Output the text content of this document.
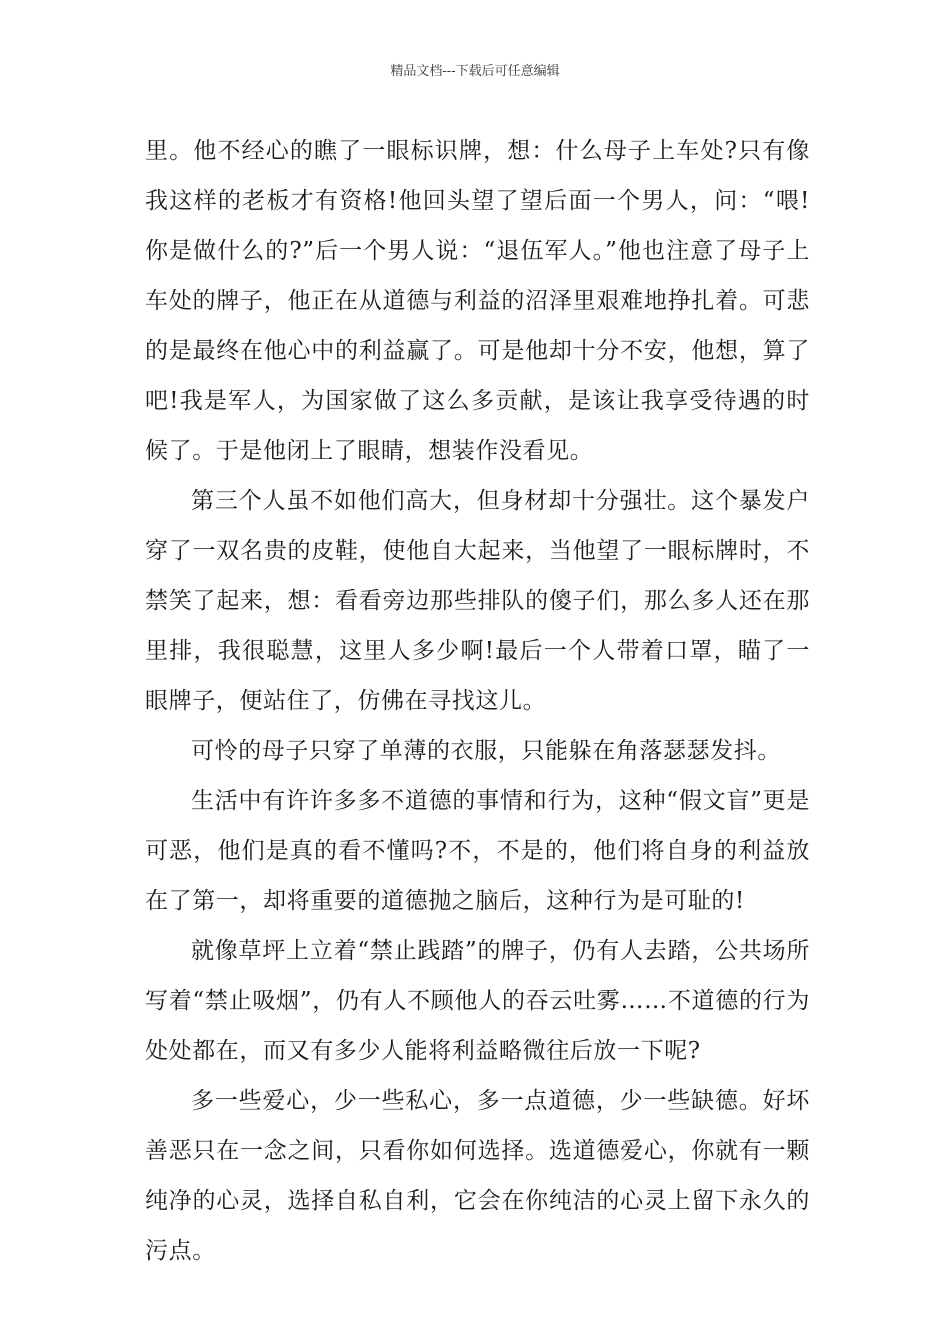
精品文档---下载后可任意编辑

里。他不经心的瞧了一眼标识牌，想：什么母子上车处?只有像我这样的老板才有资格!他回头望了望后面一个男人，问：“喂!你是做什么的?”后一个男人说：“退伍军人。”他也注意了母子上车处的牌子，他正在从道德与利益的沼泽里艰难地挣扎着。可悲的是最终在他心中的利益赢了。可是他却十分不安，他想，算了吧!我是军人，为国家做了这么多贡献，是该让我享受待遇的时候了。于是他闭上了眼睛，想装作没看见。

第三个人虽不如他们高大，但身材却十分强壮。这个暴发户穿了一双名贵的皮鞋，使他自大起来，当他望了一眼标牌时，不禁笑了起来，想：看看旁边那些排队的傻子们，那么多人还在那里排，我很聪慧，这里人多少啊!最后一个人带着口罩，瞄了一眼牌子，便站住了，仿佛在寻找这儿。

可怜的母子只穿了单薄的衣服，只能躲在角落瑟瑟发抖。

生活中有许许多多不道德的事情和行为，这种“假文盲”更是可恶，他们是真的看不懂吗?不，不是的，他们将自身的利益放在了第一，却将重要的道德抛之脑后，这种行为是可耻的!

就像草坪上立着“禁止践踏”的牌子，仍有人去踏，公共场所写着“禁止吸烟”，仍有人不顾他人的吞云吐雾……不道德的行为处处都在，而又有多少人能将利益略微往后放一下呢?

多一些爱心，少一些私心，多一点道德，少一些缺德。好坏善恶只在一念之间，只看你如何选择。选道德爱心，你就有一颗纯净的心灵，选择自私自利，它会在你纯洁的心灵上留下永久的污点。
